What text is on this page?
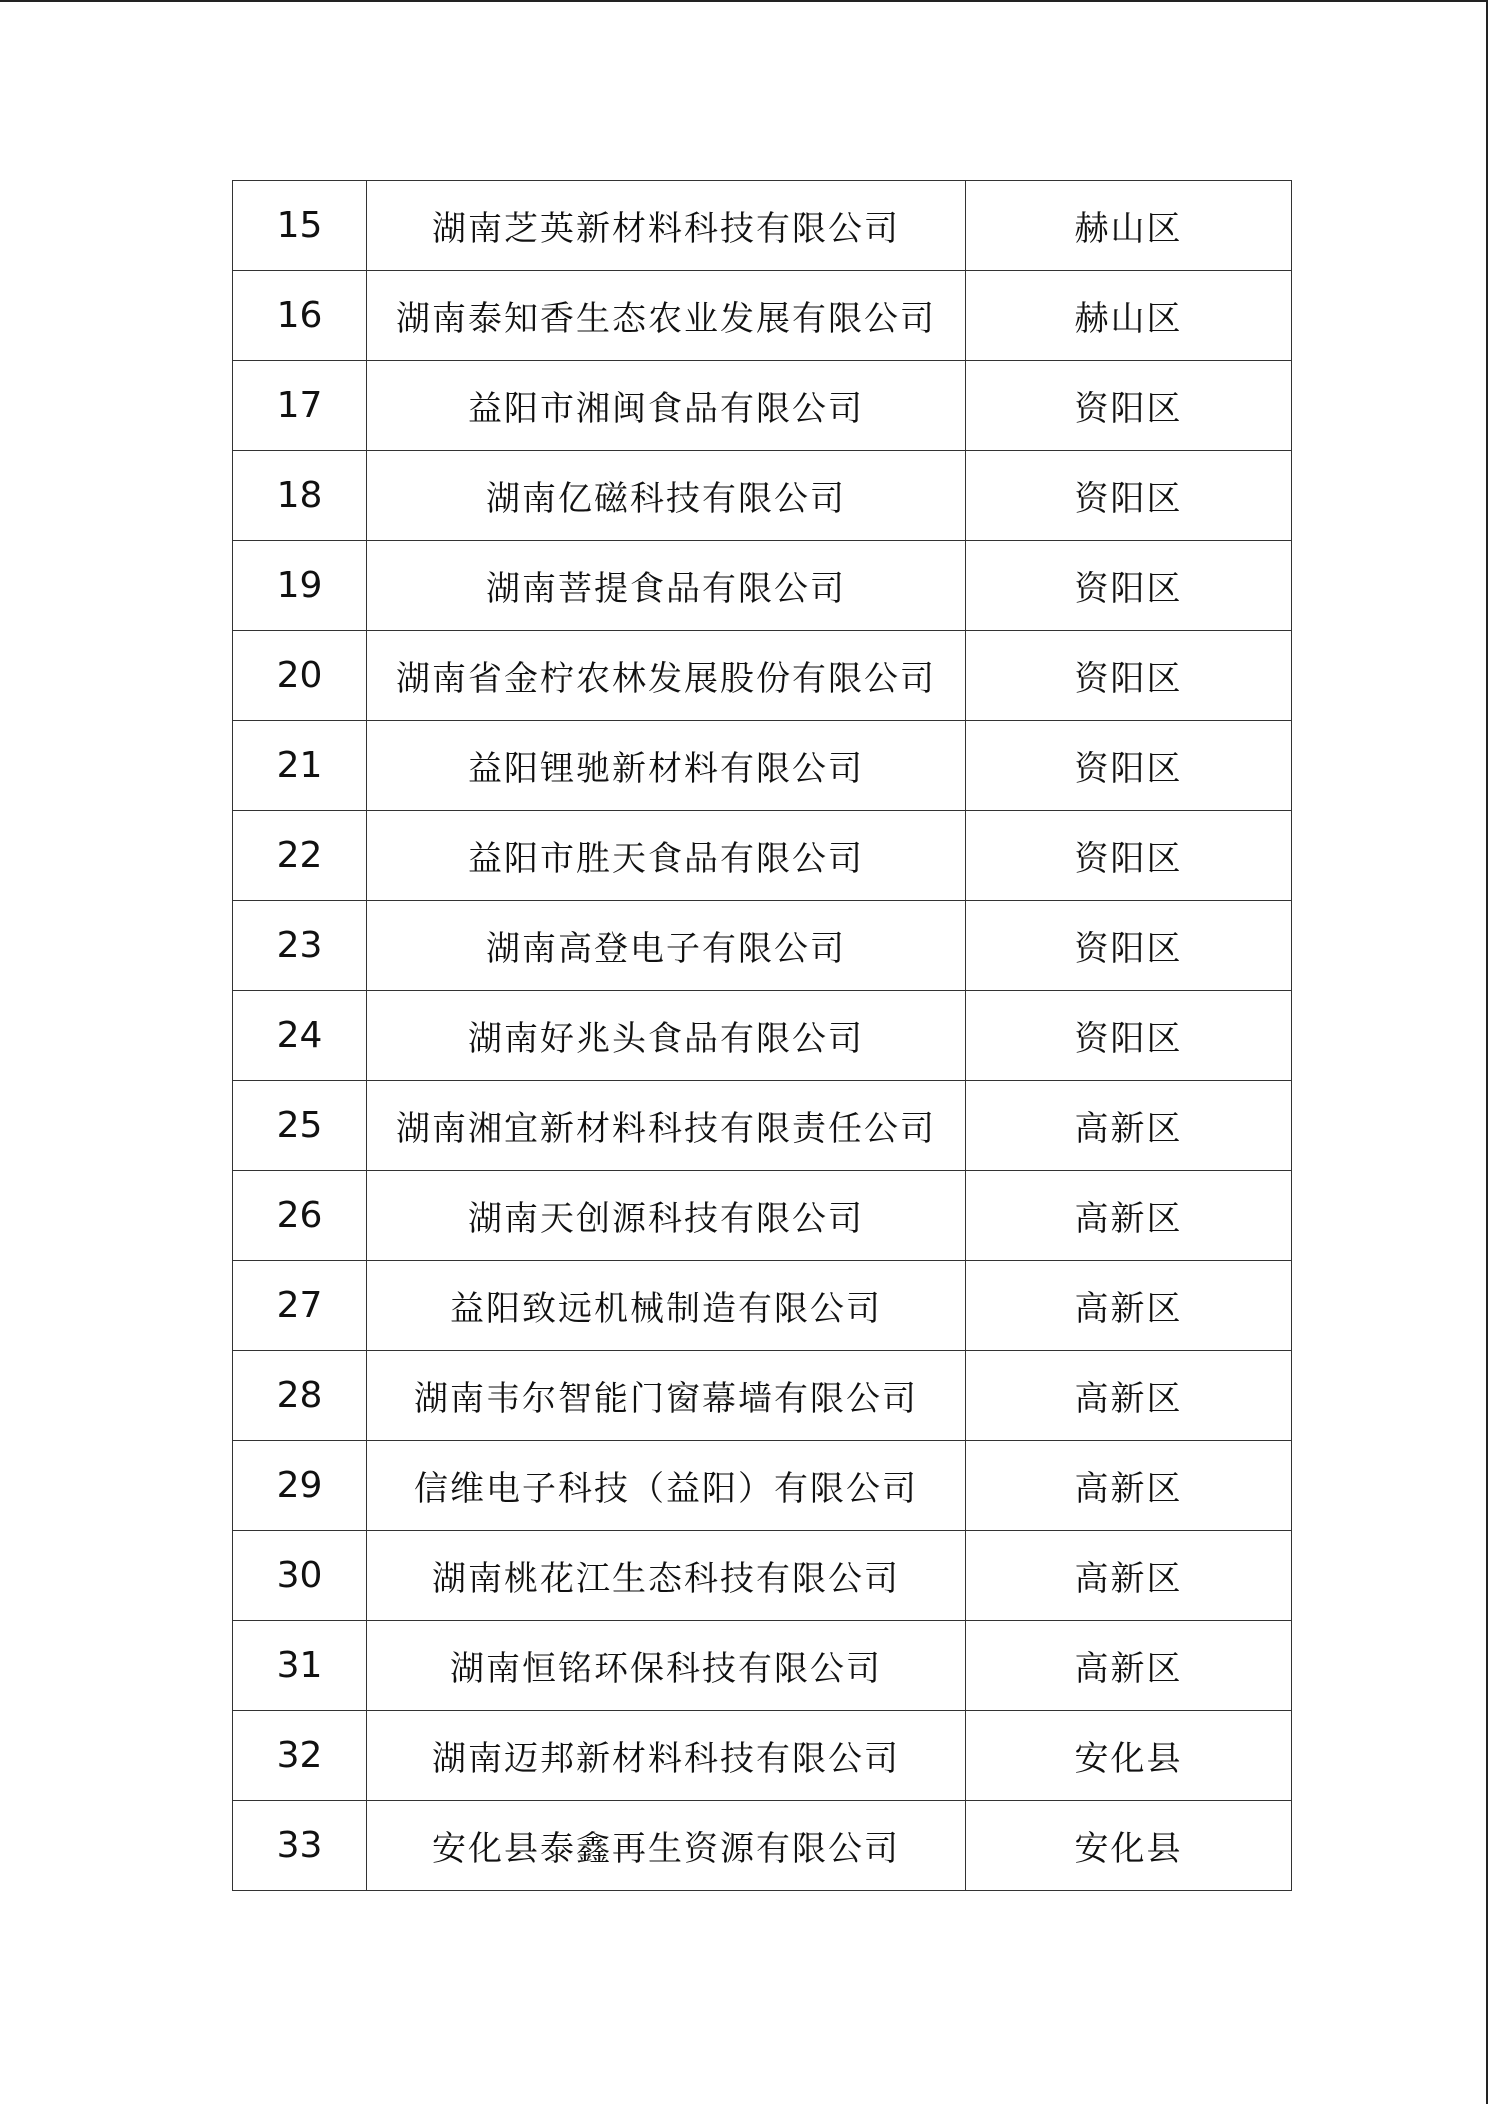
15	湖南芝英新材料科技有限公司	赫山区
16	湖南泰知香生态农业发展有限公司	赫山区
17	益阳市湘闽食品有限公司	资阳区
18	湖南亿磁科技有限公司	资阳区
19	湖南菩提食品有限公司	资阳区
20	湖南省金柠农林发展股份有限公司	资阳区
21	益阳锂驰新材料有限公司	资阳区
22	益阳市胜天食品有限公司	资阳区
23	湖南高登电子有限公司	资阳区
24	湖南好兆头食品有限公司	资阳区
25	湖南湘宜新材料科技有限责任公司	高新区
26	湖南天创源科技有限公司	高新区
27	益阳致远机械制造有限公司	高新区
28	湖南韦尔智能门窗幕墙有限公司	高新区
29	信维电子科技（益阳）有限公司	高新区
30	湖南桃花江生态科技有限公司	高新区
31	湖南恒铭环保科技有限公司	高新区
32	湖南迈邦新材料科技有限公司	安化县
33	安化县泰鑫再生资源有限公司	安化县
